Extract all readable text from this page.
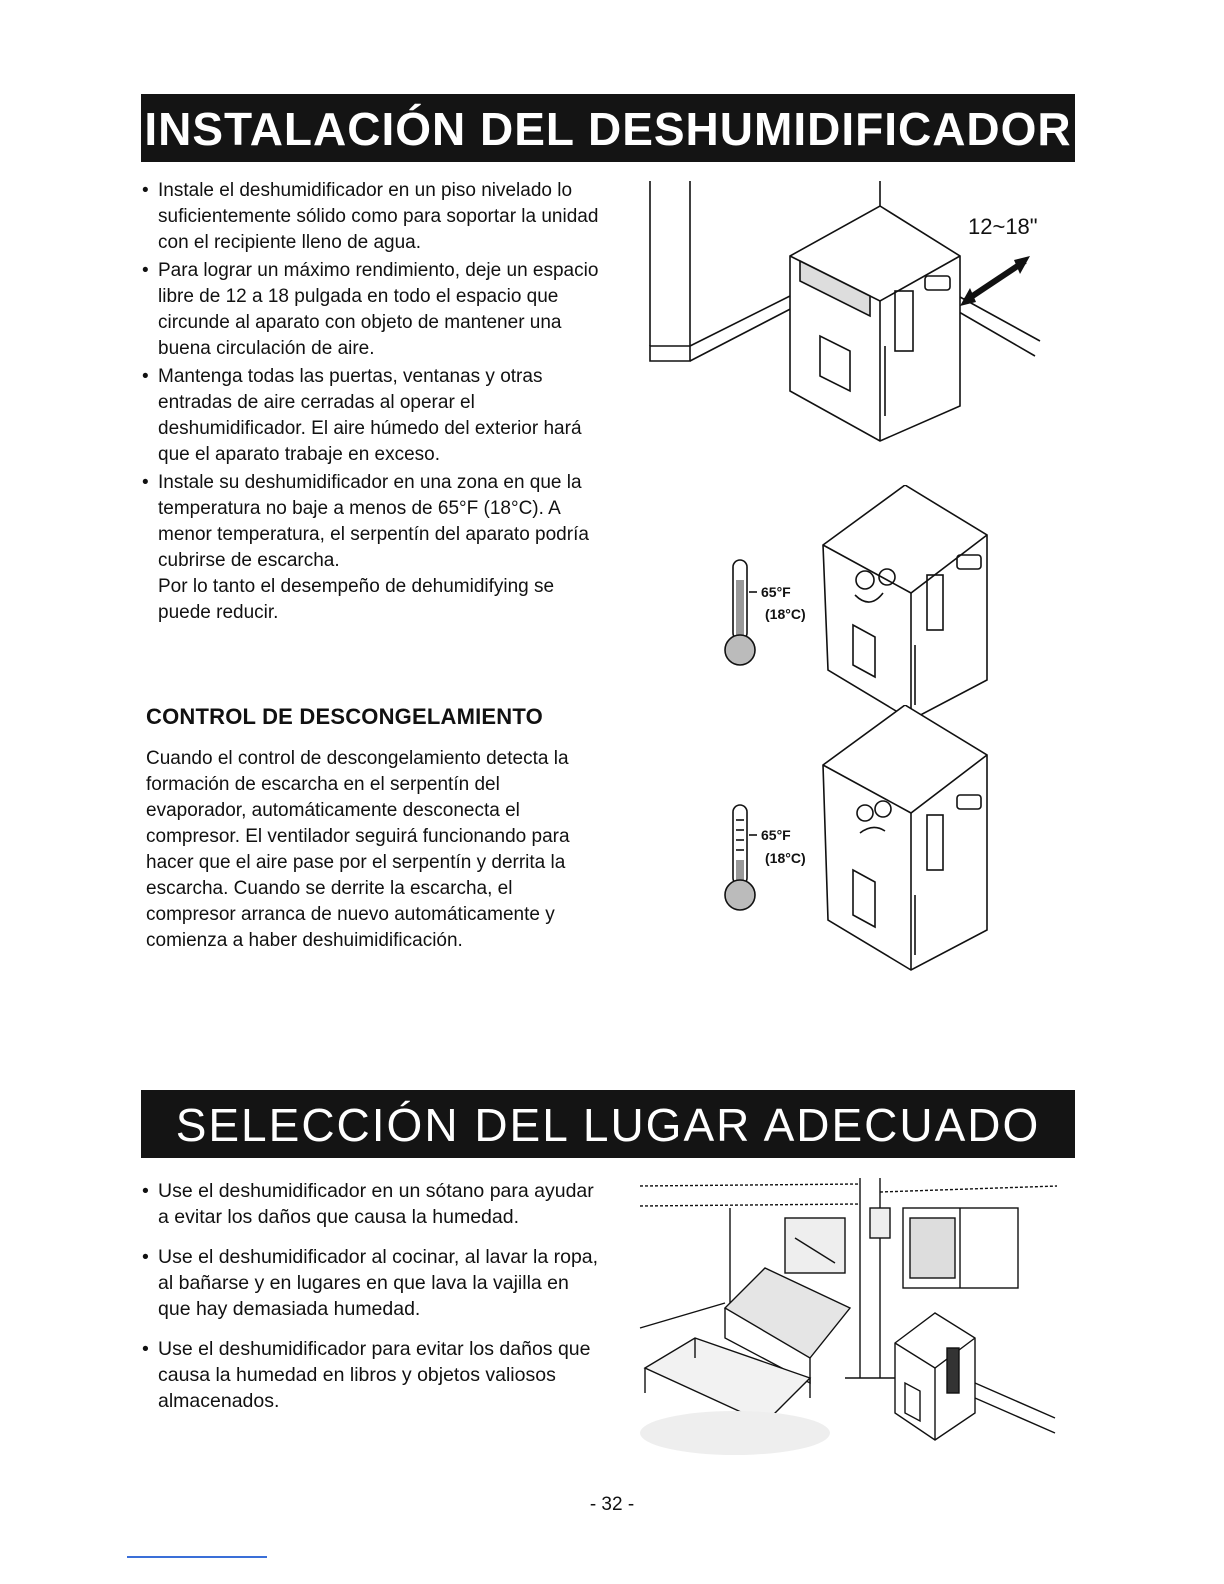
INSTALACIÓN DEL DESHUMIDIFICADOR
• Instale el deshumidificador en un piso nivelado lo suficientemente sólido como para soportar la unidad con el recipiente lleno de agua.
• Para lograr un máximo rendimiento, deje un espacio libre de 12 a 18 pulgada en todo el espacio que circunde al aparato con objeto de mantener una buena circulación de aire.
• Mantenga todas las puertas, ventanas y otras entradas de aire cerradas al operar el deshumidificador. El aire húmedo del exterior hará que el aparato trabaje en exceso.
• Instale su deshumidificador en una zona en que la temperatura no baje a menos de 65°F (18°C). A menor temperatura, el serpentín del aparato podría cubrirse de escarcha.
Por lo tanto el desempeño de dehumidifying se puede reducir.
CONTROL DE DESCONGELAMIENTO
Cuando el control de descongelamiento detecta la formación de escarcha en el serpentín del evaporador, automáticamente desconecta el compresor. El ventilador seguirá funcionando para hacer que el aire pase por el serpentín y derrita la escarcha. Cuando se derrite la escarcha, el compresor arranca de nuevo automáticamente y comienza a haber deshuimidificación.
12~18"
65°F
(18°C)
65°F
(18°C)
SELECCIÓN DEL LUGAR ADECUADO
• Use el deshumidificador en un sótano para ayudar a evitar los daños que causa la humedad.
• Use el deshumidificador al cocinar, al lavar la ropa, al bañarse y en lugares en que lava la vajilla en que hay demasiada humedad.
• Use el deshumidificador para evitar los daños que causa la humedad en libros y objetos valiosos almacenados.
- 32 -
